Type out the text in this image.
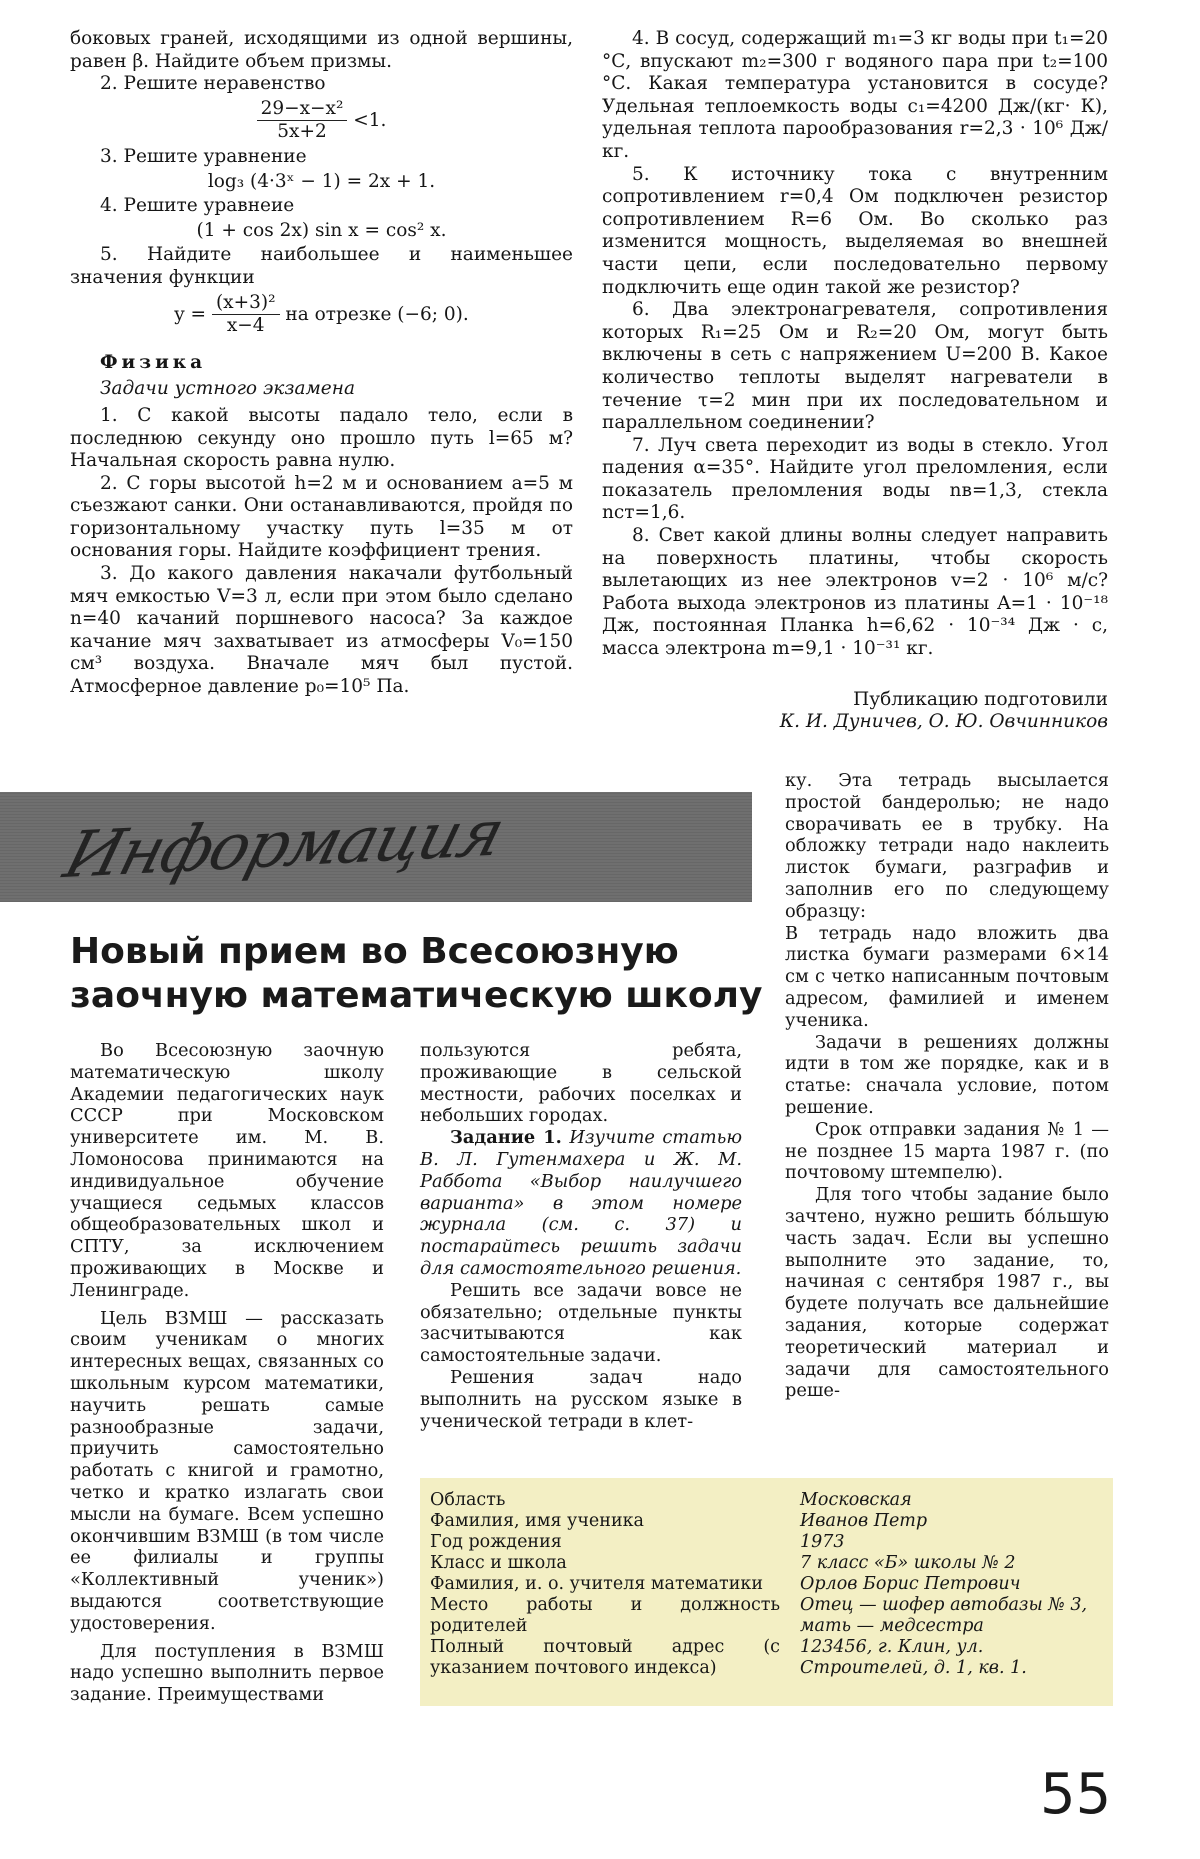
боковых граней, исходящими из одной вершины, равен β. Найдите объем призмы.

2. Решите неравенство

$\frac{\text{29−x−x²}}{5x+2} <1$.

3. Решите уравнение

log₃ (4·3ˣ − 1) = 2x + 1.

4. Решите уравнеие

(1 + cos 2x) sin x = cos² x.

5. Найдите наибольшее и наименьшее значения функции

$y = \frac{\text{(x+3)²}}{x-4}$ на отрезке (−6; 0).

Физика

Задачи устного экзамена

1. С какой высоты падало тело, если в последнюю секунду оно прошло путь l=65 м? Начальная скорость равна нулю.

2. С горы высотой h=2 м и основанием a=5 м съезжают санки. Они останавливаются, пройдя по горизонтальному участку путь l=35 м от основания горы. Найдите коэффициент трения.

3. До какого давления накачали футбольный мяч емкостью V=3 л, если при этом было сделано n=40 качаний поршневого насоса? За каждое качание мяч захватывает из атмосферы V₀=150 см³ воздуха. Вначале мяч был пустой. Атмосферное давление p₀=10⁵ Па.

4. В сосуд, содержащий m₁=3 кг воды при t₁=20 °С, впускают m₂=300 г водяного пара при t₂=100 °С. Какая температура установится в сосуде? Удельная теплоемкость воды c₁=4200 Дж/(кг· К), удельная теплота парообразования r=2,3 · 10⁶ Дж/кг.

5. К источнику тока с внутренним сопротивлением r=0,4 Ом подключен резистор сопротивлением R=6 Ом. Во сколько раз изменится мощность, выделяемая во внешней части цепи, если последовательно первому подключить еще один такой же резистор?

6. Два электронагревателя, сопротивления которых R₁=25 Ом и R₂=20 Ом, могут быть включены в сеть с напряжением U=200 В. Какое количество теплоты выделят нагреватели в течение τ=2 мин при их последовательном и параллельном соединении?

7. Луч света переходит из воды в стекло. Угол падения α=35°. Найдите угол преломления, если показатель преломления воды nв=1,3, стекла nст=1,6.

8. Свет какой длины волны следует направить на поверхность платины, чтобы скорость вылетающих из нее электронов v=2 · 10⁶ м/с? Работа выхода электронов из платины A=1 · 10⁻¹⁸ Дж, постоянная Планка h=6,62 · 10⁻³⁴ Дж · с, масса электрона m=9,1 · 10⁻³¹ кг.

Публикацию подготовили

К. И. Дуничев, О. Ю. Овчинников

Информация
Новый прием во Всесоюзную
заочную математическую школу

Во Всесоюзную заочную математическую школу Академии педагогических наук СССР при Московском университете им. М. В. Ломоносова принимаются на индивидуальное обучение учащиеся седьмых классов общеобразовательных школ и СПТУ, за исключением проживающих в Москве и Ленинграде.

Цель ВЗМШ — рассказать своим ученикам о многих интересных вещах, связанных со школьным курсом математики, научить решать самые разнообразные задачи, приучить самостоятельно работать с книгой и грамотно, четко и кратко излагать свои мысли на бумаге. Всем успешно окончившим ВЗМШ (в том числе ее филиалы и группы «Коллективный ученик») выдаются соответствующие удостоверения.

Для поступления в ВЗМШ надо успешно выполнить первое задание. Преимуществами

пользуются ребята, проживающие в сельской местности, рабочих поселках и небольших городах.

Задание 1. Изучите статью В. Л. Гутенмахера и Ж. М. Раббота «Выбор наилучшего варианта» в этом номере журнала (см. с. 37) и постарайтесь решить задачи для самостоятельного решения.

Решить все задачи вовсе не обязательно; отдельные пункты засчитываются как самостоятельные задачи.

Решения задач надо выполнить на русском языке в ученической тетради в клет-

ку. Эта тетрадь высылается простой бандеролью; не надо сворачивать ее в трубку. На обложку тетради надо наклеить листок бумаги, разграфив и заполнив его по следующему образцу:

В тетрадь надо вложить два листка бумаги размерами 6×14 см с четко написанным почтовым адресом, фамилией и именем ученика.

Задачи в решениях должны идти в том же порядке, как и в статье: сначала условие, потом решение.

Срок отправки задания № 1 — не позднее 15 марта 1987 г. (по почтовому штемпелю).

Для того чтобы задание было зачтено, нужно решить бо́льшую часть задач. Если вы успешно выполните это задание, то, начиная с сентября 1987 г., вы будете получать все дальнейшие задания, которые содержат теоретический материал и задачи для самостоятельного реше-

Область	Московская
Фамилия, имя ученика	Иванов Петр
Год рождения	1973
Класс и школа	7 класс «Б» школы № 2
Фамилия, и. о. учителя математики	Орлов Борис Петрович
Место работы и должность родителей	Отец — шофер автобазы № 3, мать — медсестра
Полный почтовый адрес (с указанием почтового индекса)	123456, г. Клин, ул. Строителей, д. 1, кв. 1.
55
